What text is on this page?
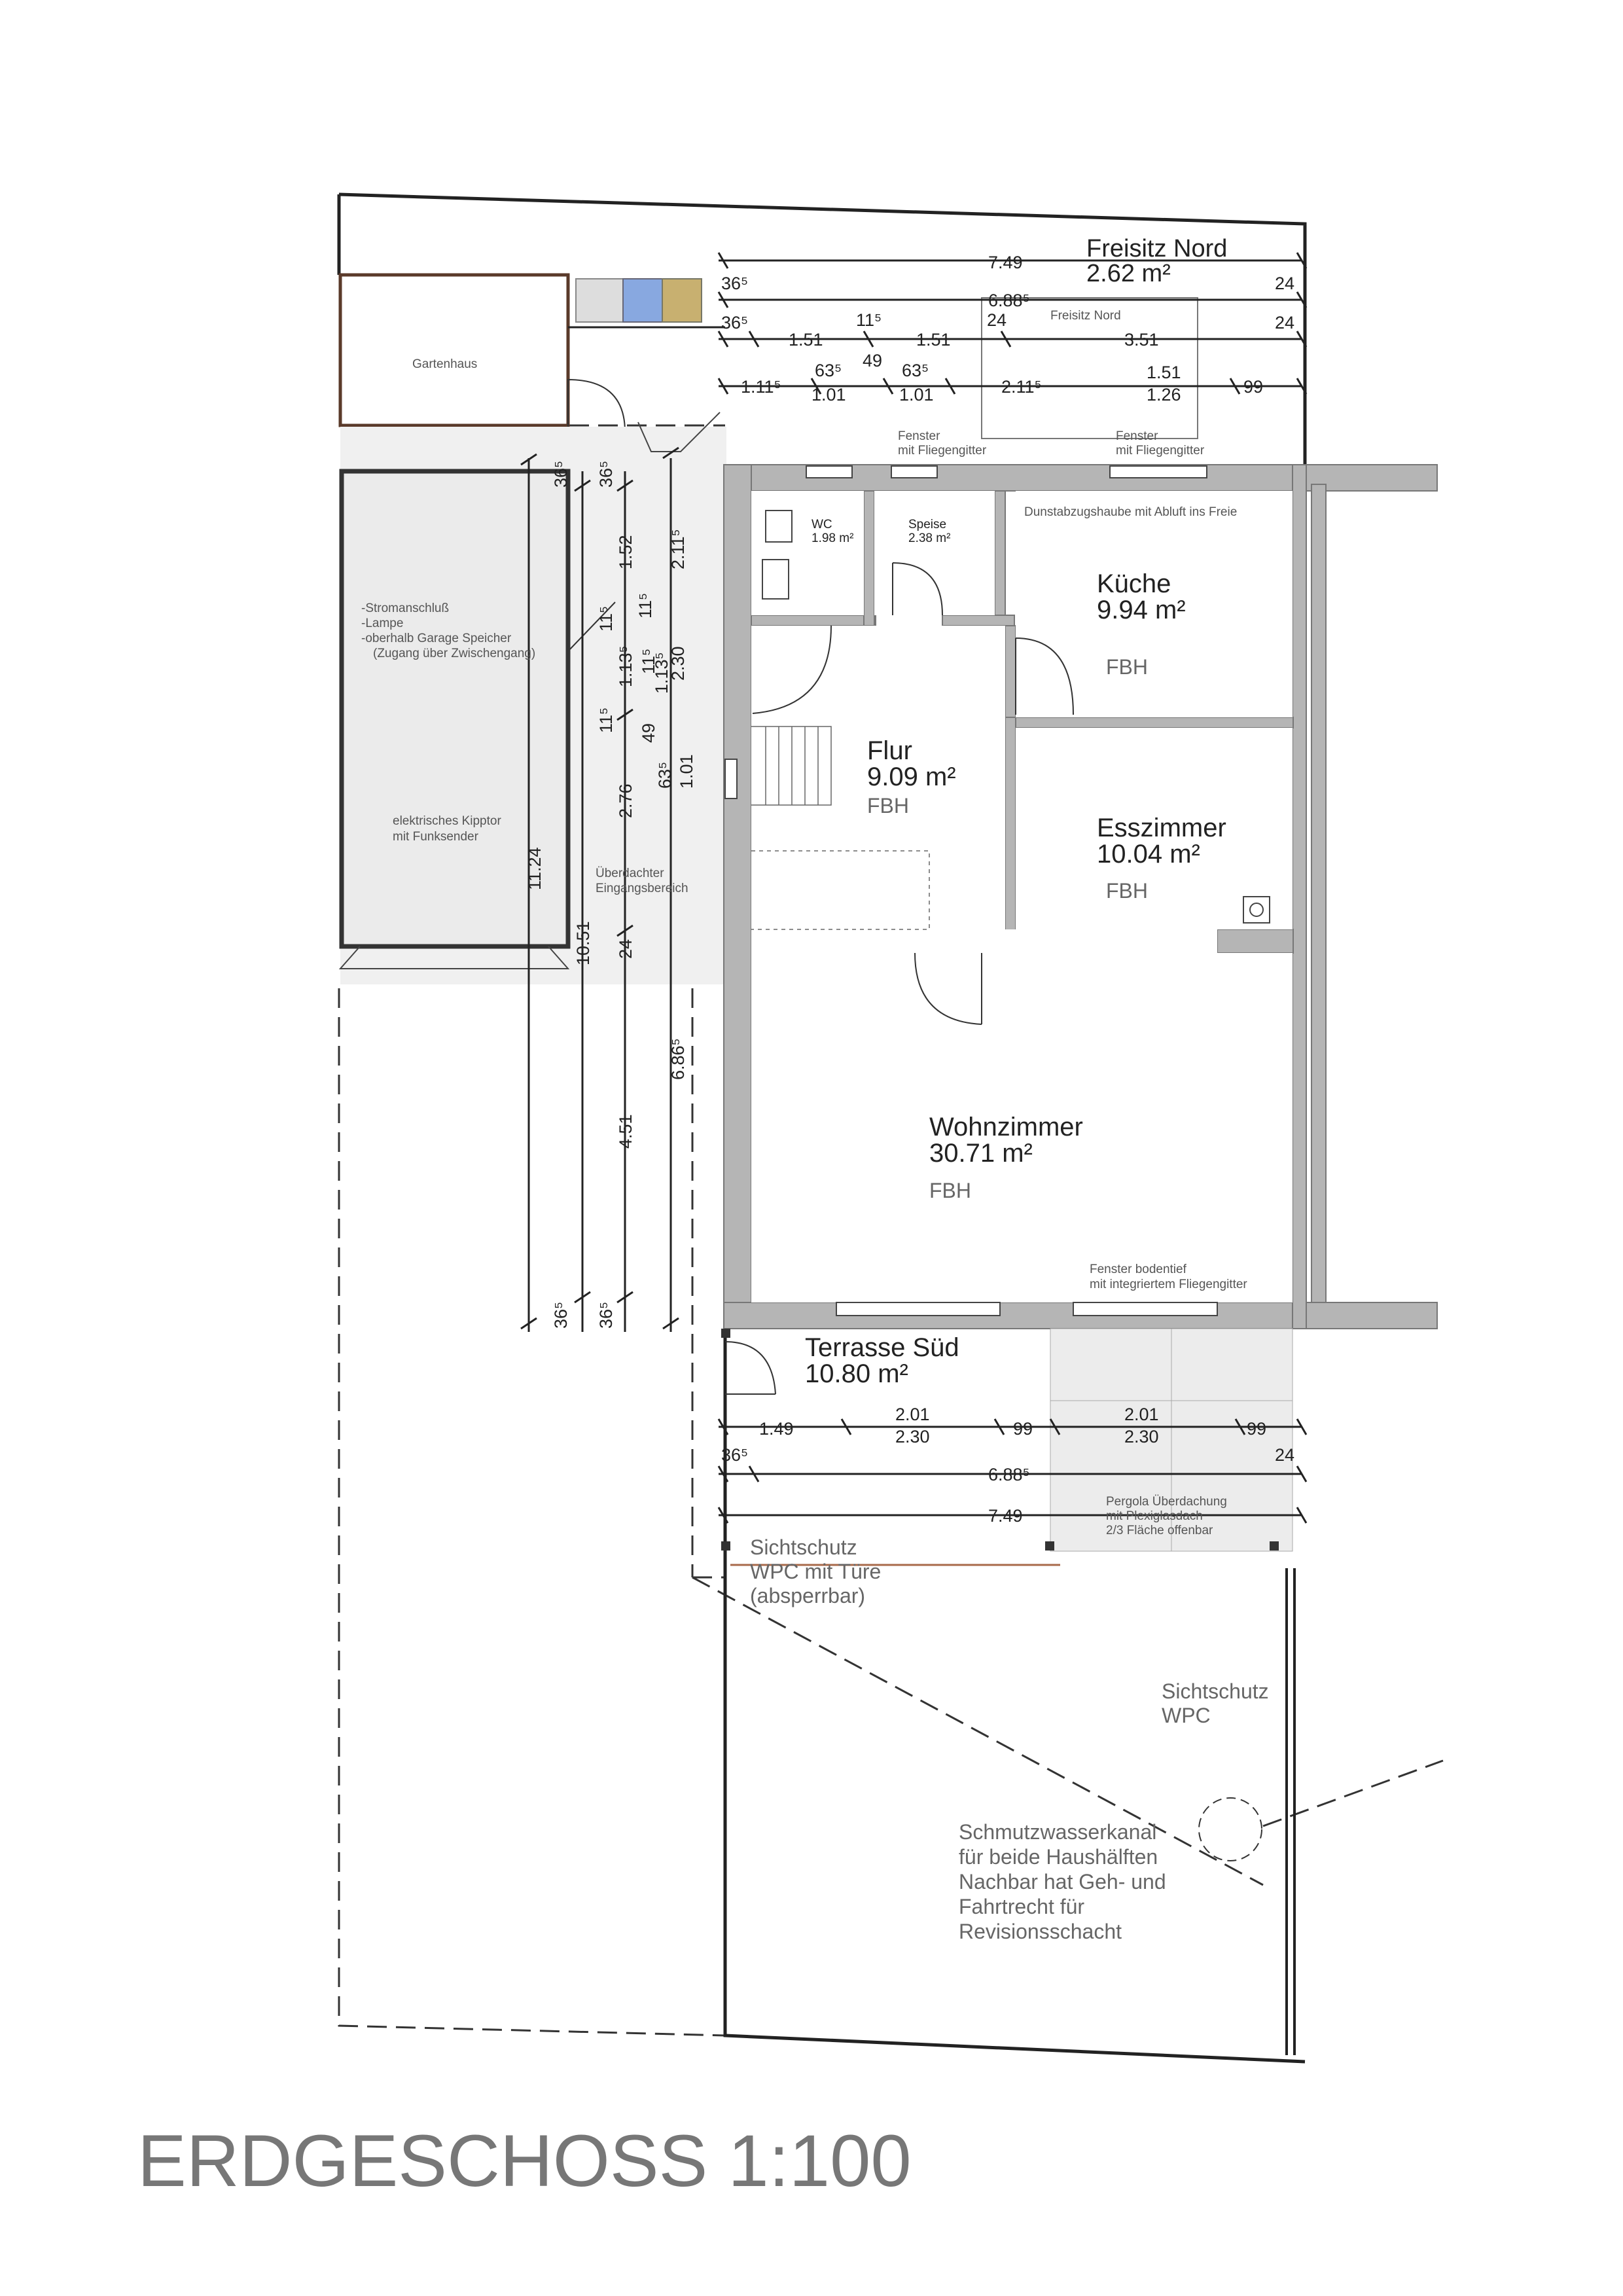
ERDGESCHOSS 1:100
Freisitz Nord
2.62 m²
Freisitz Nord
Gartenhaus
WC
1.98 m²
Speise
2.38 m²
Dunstabzugshaube mit Abluft ins Freie
Küche
9.94 m²
FBH
Flur
9.09 m²
FBH
Esszimmer
10.04 m²
FBH
Wohnzimmer
30.71 m²
FBH
Terrasse Süd
10.80 m²
-Stromanschluß
-Lampe
-oberhalb Garage Speicher
(Zugang über Zwischengang)
elektrisches Kipptor
mit Funksender
Überdachter
Eingangsbereich
Fenster
mit Fliegengitter
Fenster
mit Fliegengitter
Fenster bodentief
mit integriertem Fliegengitter
Pergola Überdachung
mit Plexiglasdach
2/3 Fläche offenbar
Sichtschutz
WPC mit Türe
(absperrbar)
Sichtschutz
WPC
Schmutzwasserkanal
für beide Haushälften
Nachbar hat Geh- und
Fahrtrecht für
Revisionsschacht
7.49
36⁵	24
6.88⁵
36⁵	24
1.51
11⁵
1.51
24
3.51
1.11⁵
63⁵ 49 63⁵
1.01	1.01	2.11⁵
1.51
1.26	99
1.49
2.01
2.30	99
2.01
2.30	99
36⁵
6.88⁵
24
7.49
11.24
10.51
2.76
4.51
6.86⁵
2.30
2.11⁵
1.13⁵
1.52
1.13⁵
11⁵
11⁵
49
63⁵ 1.01
24
36⁵ 36⁵
36⁵ 36⁵
11⁵
11⁵
